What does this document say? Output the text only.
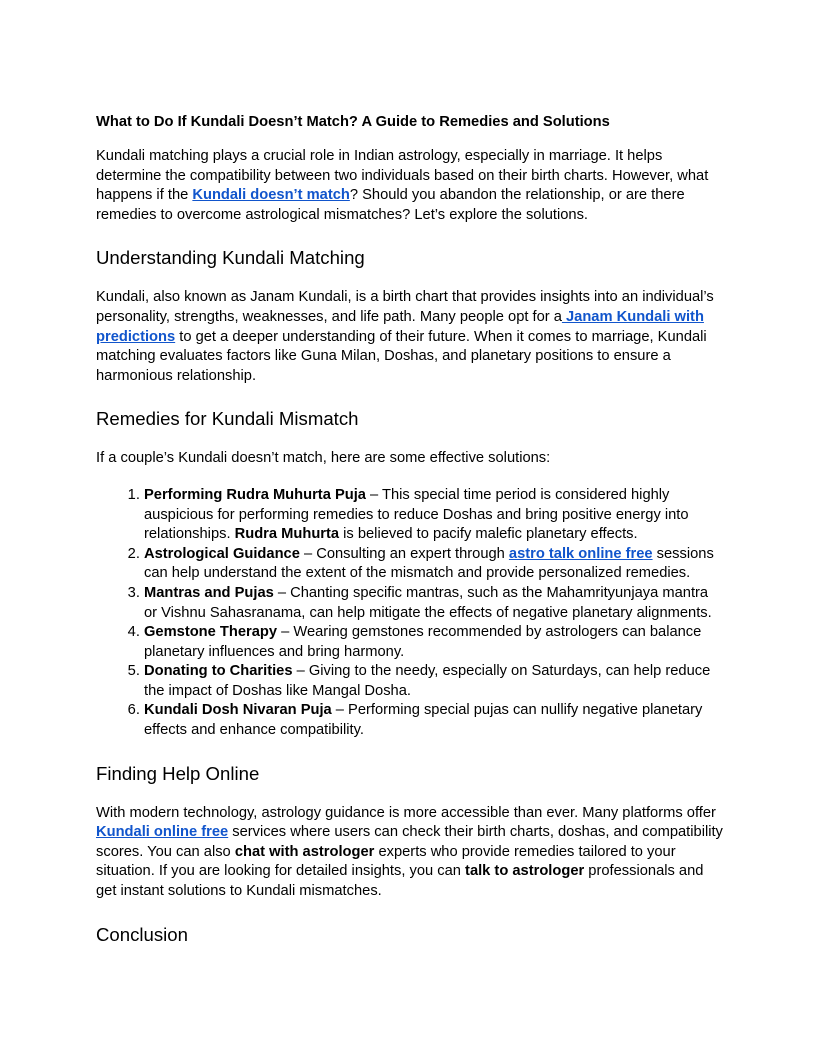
What to Do If Kundali Doesn’t Match? A Guide to Remedies and Solutions

Kundali matching plays a crucial role in Indian astrology, especially in marriage. It helps determine the compatibility between two individuals based on their birth charts. However, what happens if the Kundali doesn’t match? Should you abandon the relationship, or are there remedies to overcome astrological mismatches? Let’s explore the solutions.

Understanding Kundali Matching

Kundali, also known as Janam Kundali, is a birth chart that provides insights into an individual’s personality, strengths, weaknesses, and life path. Many people opt for a Janam Kundali with predictions to get a deeper understanding of their future. When it comes to marriage, Kundali matching evaluates factors like Guna Milan, Doshas, and planetary positions to ensure a harmonious relationship.

Remedies for Kundali Mismatch

If a couple’s Kundali doesn’t match, here are some effective solutions:

1. Performing Rudra Muhurta Puja – This special time period is considered highly auspicious for performing remedies to reduce Doshas and bring positive energy into relationships. Rudra Muhurta is believed to pacify malefic planetary effects.
2. Astrological Guidance – Consulting an expert through astro talk online free sessions can help understand the extent of the mismatch and provide personalized remedies.
3. Mantras and Pujas – Chanting specific mantras, such as the Mahamrityunjaya mantra or Vishnu Sahasranama, can help mitigate the effects of negative planetary alignments.
4. Gemstone Therapy – Wearing gemstones recommended by astrologers can balance planetary influences and bring harmony.
5. Donating to Charities – Giving to the needy, especially on Saturdays, can help reduce the impact of Doshas like Mangal Dosha.
6. Kundali Dosh Nivaran Puja – Performing special pujas can nullify negative planetary effects and enhance compatibility.
Finding Help Online

With modern technology, astrology guidance is more accessible than ever. Many platforms offer Kundali online free services where users can check their birth charts, doshas, and compatibility scores. You can also chat with astrologer experts who provide remedies tailored to your situation. If you are looking for detailed insights, you can talk to astrologer professionals and get instant solutions to Kundali mismatches.

Conclusion
